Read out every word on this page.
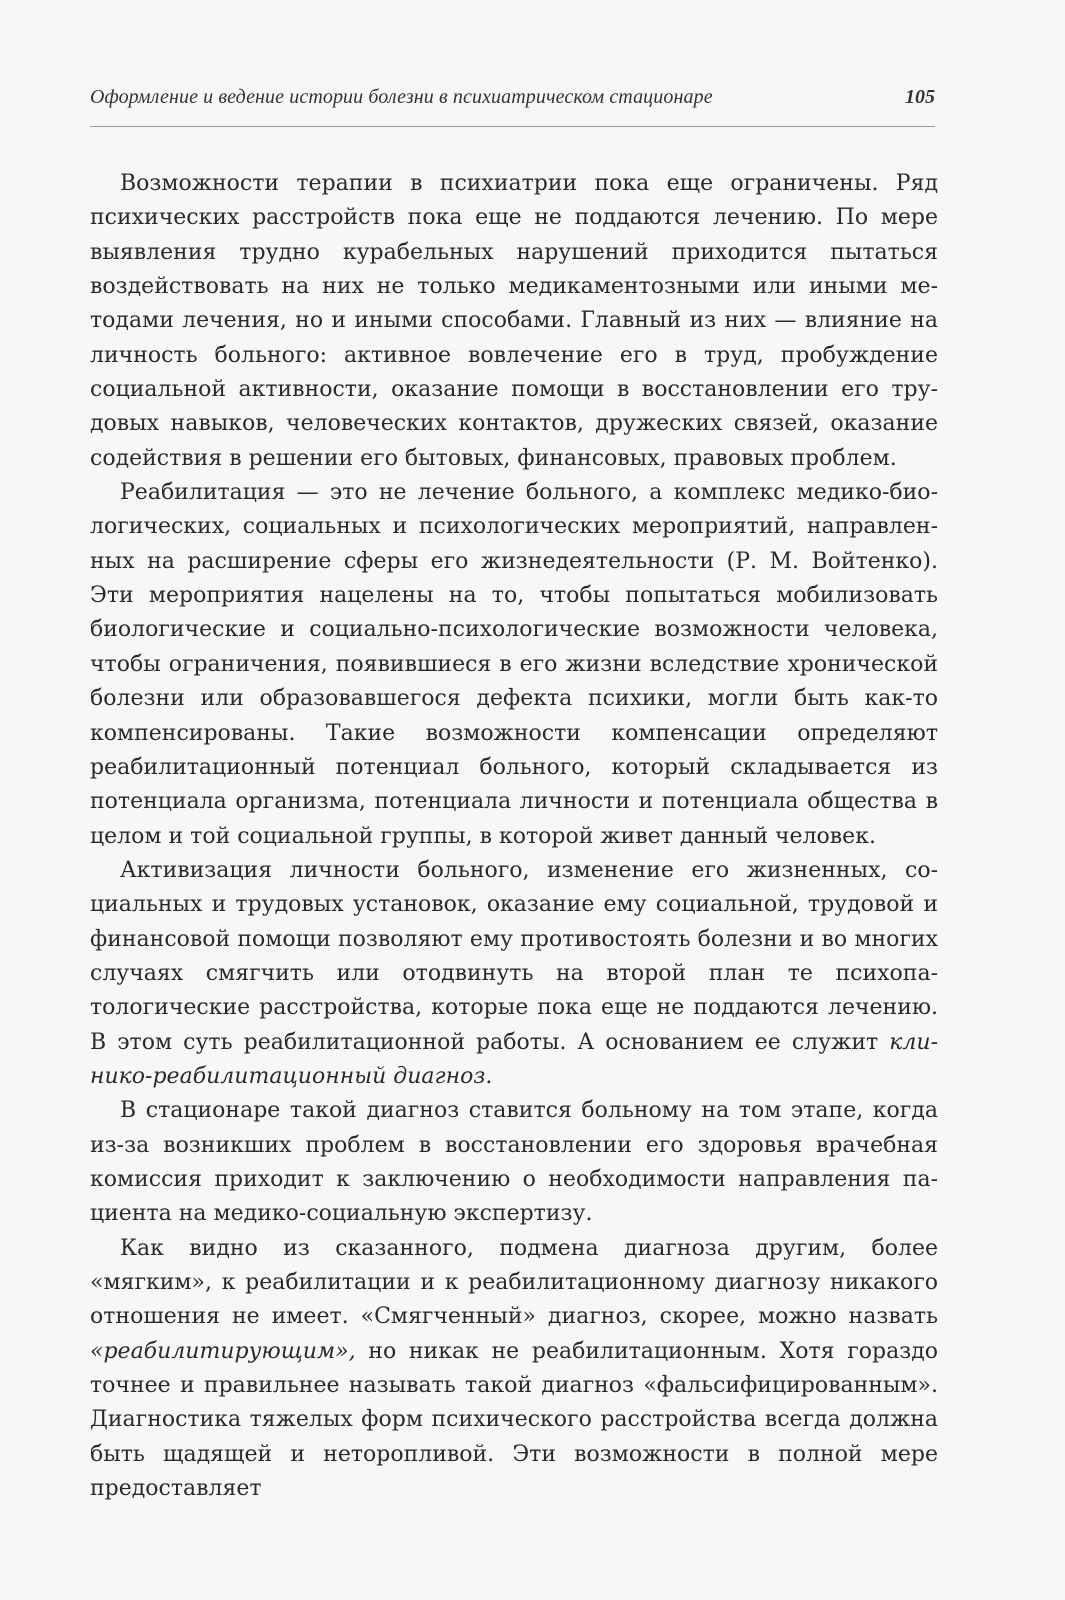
Оформление и ведение истории болезни в психиатрическом стационаре	105

Возможности терапии в психиатрии пока еще ограничены. Ряд психических расстройств пока еще не поддаются лечению. По мере выявления трудно курабельных нарушений приходится пытаться воздействовать на них не только медикаментозными или иными методами лечения, но и иными способами. Главный из них — влияние на личность больного: активное вовлечение его в труд, пробуждение социальной активности, оказание помощи в восстановлении его трудовых навыков, человеческих контактов, дружеских связей, оказание содействия в решении его бытовых, финансовых, правовых проблем.

Реабилитация — это не лечение больного, а комплекс медико-биологических, социальных и психологических мероприятий, направленных на расширение сферы его жизнедеятельности (Р. М. Войтенко). Эти мероприятия нацелены на то, чтобы попытаться мобилизовать биологические и социально-психологические возможности человека, чтобы ограничения, появившиеся в его жизни вследствие хронической болезни или образовавшегося дефекта психики, могли быть как-то компенсированы. Такие возможности компенсации определяют реабилитационный потенциал больного, который складывается из потенциала организма, потенциала личности и потенциала общества в целом и той социальной группы, в которой живет данный человек.

Активизация личности больного, изменение его жизненных, социальных и трудовых установок, оказание ему социальной, трудовой и финансовой помощи позволяют ему противостоять болезни и во многих случаях смягчить или отодвинуть на второй план те психопатологические расстройства, которые пока еще не поддаются лечению. В этом суть реабилитационной работы. А основанием ее служит клинико-реабилитационный диагноз.

В стационаре такой диагноз ставится больному на том этапе, когда из-за возникших проблем в восстановлении его здоровья врачебная комиссия приходит к заключению о необходимости направления пациента на медико-социальную экспертизу.

Как видно из сказанного, подмена диагноза другим, более «мягким», к реабилитации и к реабилитационному диагнозу никакого отношения не имеет. «Смягченный» диагноз, скорее, можно назвать «реабилитирующим», но никак не реабилитационным. Хотя гораздо точнее и правильнее называть такой диагноз «фальсифицированным». Диагностика тяжелых форм психического расстройства всегда должна быть щадящей и неторопливой. Эти возможности в полной мере предоставляет
